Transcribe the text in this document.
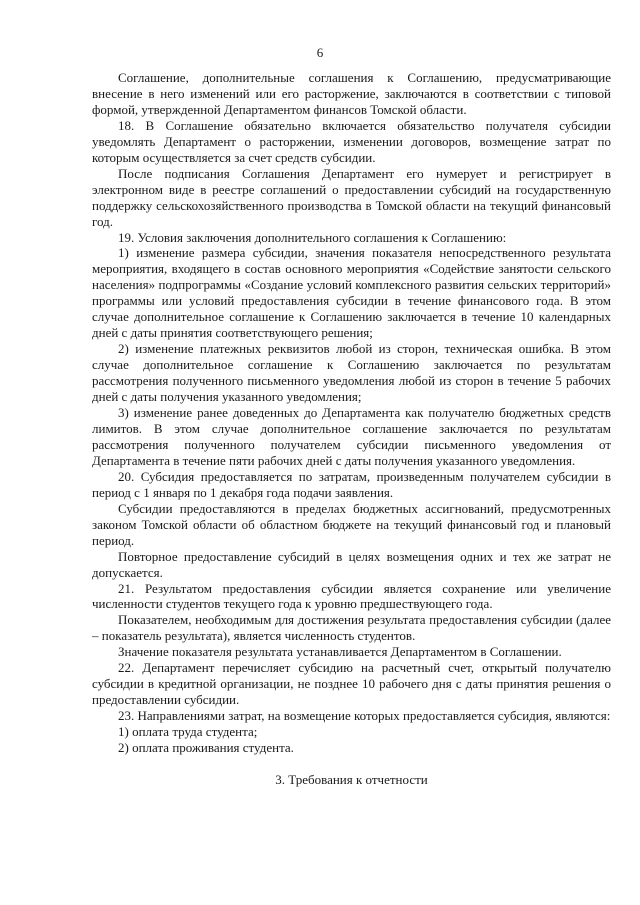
6

Соглашение, дополнительные соглашения к Соглашению, предусматривающие внесение в него изменений или его расторжение, заключаются в соответствии с типовой формой, утвержденной Департаментом финансов Томской области.

18. В Соглашение обязательно включается обязательство получателя субсидии уведомлять Департамент о расторжении, изменении договоров, возмещение затрат по которым осуществляется за счет средств субсидии.

После подписания Соглашения Департамент его нумерует и регистрирует в электронном виде в реестре соглашений о предоставлении субсидий на государственную поддержку сельскохозяйственного производства в Томской области на текущий финансовый год.

19. Условия заключения дополнительного соглашения к Соглашению:

1) изменение размера субсидии, значения показателя непосредственного результата мероприятия, входящего в состав основного мероприятия «Содействие занятости сельского населения» подпрограммы «Создание условий комплексного развития сельских территорий» программы или условий предоставления субсидии в течение финансового года. В этом случае дополнительное соглашение к Соглашению заключается в течение 10 календарных дней с даты принятия соответствующего решения;

2) изменение платежных реквизитов любой из сторон, техническая ошибка. В этом случае дополнительное соглашение к Соглашению заключается по результатам рассмотрения полученного письменного уведомления любой из сторон в течение 5 рабочих дней с даты получения указанного уведомления;

3) изменение ранее доведенных до Департамента как получателю бюджетных средств лимитов. В этом случае дополнительное соглашение заключается по результатам рассмотрения полученного получателем субсидии письменного уведомления от Департамента в течение пяти рабочих дней с даты получения указанного уведомления.

20. Субсидия предоставляется по затратам, произведенным получателем субсидии в период с 1 января по 1 декабря года подачи заявления.

Субсидии предоставляются в пределах бюджетных ассигнований, предусмотренных законом Томской области об областном бюджете на текущий финансовый год и плановый период.

Повторное предоставление субсидий в целях возмещения одних и тех же затрат не допускается.

21. Результатом предоставления субсидии является сохранение или увеличение численности студентов текущего года к уровню предшествующего года.

Показателем, необходимым для достижения результата предоставления субсидии (далее – показатель результата), является численность студентов.

Значение показателя результата устанавливается Департаментом в Соглашении.

22. Департамент перечисляет субсидию на расчетный счет, открытый получателю субсидии в кредитной организации, не позднее 10 рабочего дня с даты принятия решения о предоставлении субсидии.

23. Направлениями затрат, на возмещение которых предоставляется субсидия, являются:

1) оплата труда студента;

2) оплата проживания студента.

3. Требования к отчетности
